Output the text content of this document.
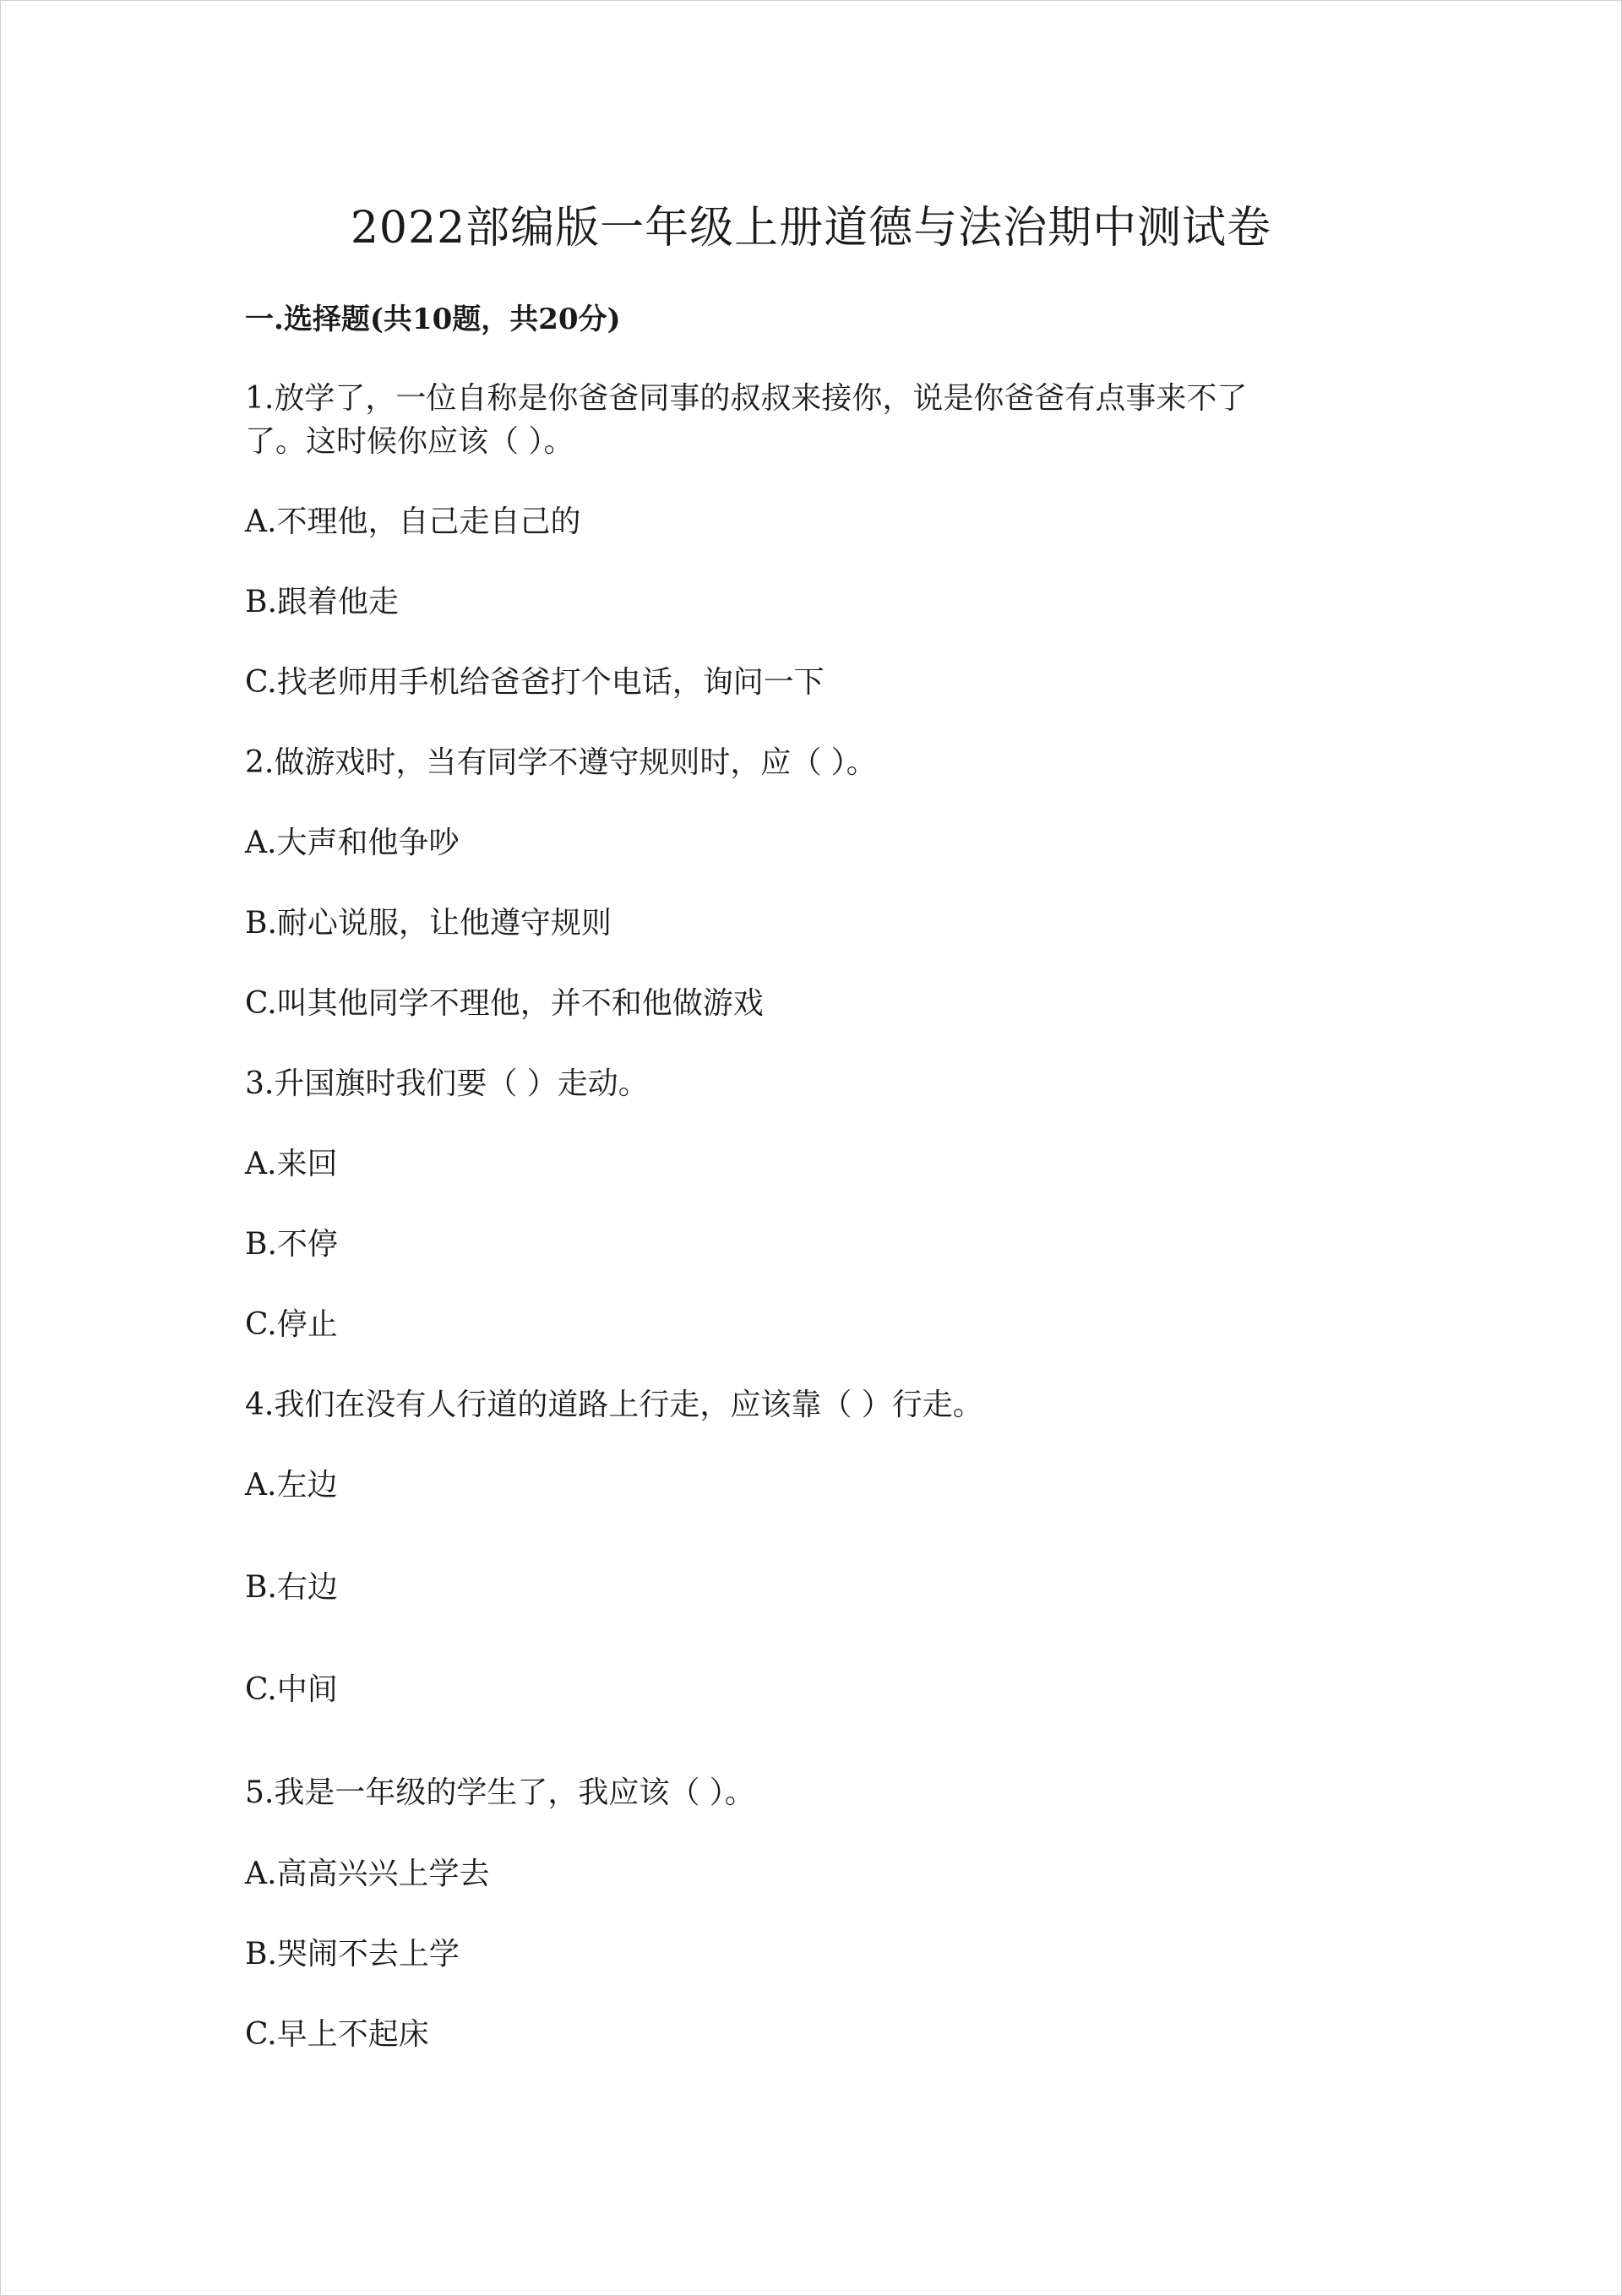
2022部编版一年级上册道德与法治期中测试卷
一.选择题(共10题，共20分)
1.放学了，一位自称是你爸爸同事的叔叔来接你，说是你爸爸有点事来不了
了。这时候你应该（ ）。
A.不理他，自己走自己的
B.跟着他走
C.找老师用手机给爸爸打个电话，询问一下
2.做游戏时，当有同学不遵守规则时，应（ ）。
A.大声和他争吵
B.耐心说服，让他遵守规则
C.叫其他同学不理他，并不和他做游戏
3.升国旗时我们要（ ）走动。
A.来回
B.不停
C.停止
4.我们在没有人行道的道路上行走，应该靠（ ）行走。
A.左边
B.右边
C.中间
5.我是一年级的学生了，我应该（ ）。
A.高高兴兴上学去
B.哭闹不去上学
C.早上不起床
